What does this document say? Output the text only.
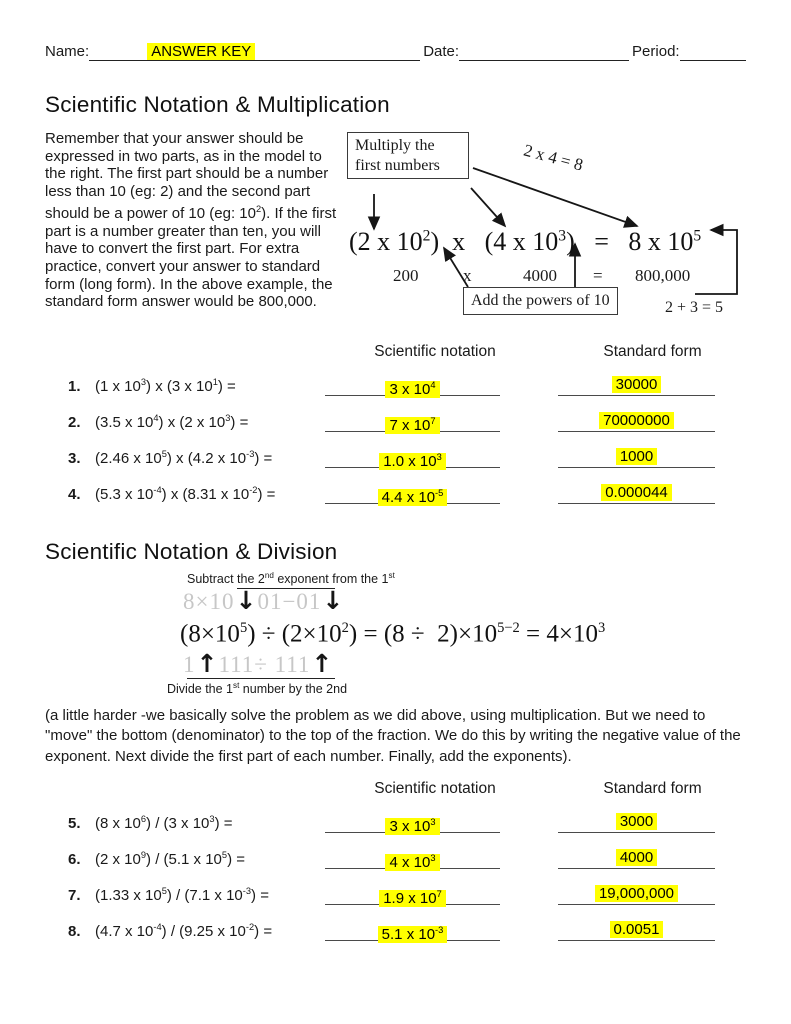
Name:	ANSWER KEY	Date:	Period:
Scientific Notation & Multiplication
Remember that your answer should be expressed in two parts, as in the model to the right. The first part should be a number less than 10 (eg: 2) and the second part should be a power of 10 (eg: $10^2$). If the first part is a number greater than ten, you will have to convert the first part. For extra practice, convert your answer to standard form (long form). In the above example, the standard form answer would be 800,000.
Multiply the first numbers	2 x 4 = 8
(2 x $10^2$)  x   (4 x $10^3) = 8$ x $10^5$
200	x	4000 = 800,000
Add the powers of 10	2 + 3 = 5
Scientific notation	Standard form
1. (1 x $10^3$) x (3 x $10^1$) =	3 x $10^4$	30000
2. (3.5 x $10^4$) x (2 x $10^3$) =	7 x $10^7$	70000000
3. (2.46 x $10^5$) x (4.2 x $10^{-3}$) =	1.0 x $10^3$	1000
4. (5.3 x $10^{-4}$) x (8.31 x $10^{-2}$) =	4.4 x $10^{-5}$	0.000044
Scientific Notation & Division
Subtract the 2nd exponent from the 1st
8×10↓01−01↓
$(8\times 10^5) \div (2\times 10^2) = (8 \div 2)\times 10^{5-2} = 4\times 10^3$
1↑111÷ 111↑
Divide the 1st number by the 2nd
(a little harder -we basically solve the problem as we did above, using multiplication. But we need to "move" the bottom (denominator) to the top of the fraction. We do this by writing the negative value of the exponent. Next divide the first part of each number. Finally, add the exponents).
Scientific notation	Standard form
5. (8 x $10^6) / (3$ x $10^3$) =	3 x $10^3$	3000
6. (2 x $10^9) / (5.1$ x $10^5$) =	4 x $10^3$	4000
7. (1.33 x $10^5) / (7.1$ x $10^{-3}$) =	1.9 x $10^7$	19,000,000
8. (4.7 x $10^{-4}) / (9.25$ x $10^{-2}$) =	5.1 x $10^{-3}$	0.0051
